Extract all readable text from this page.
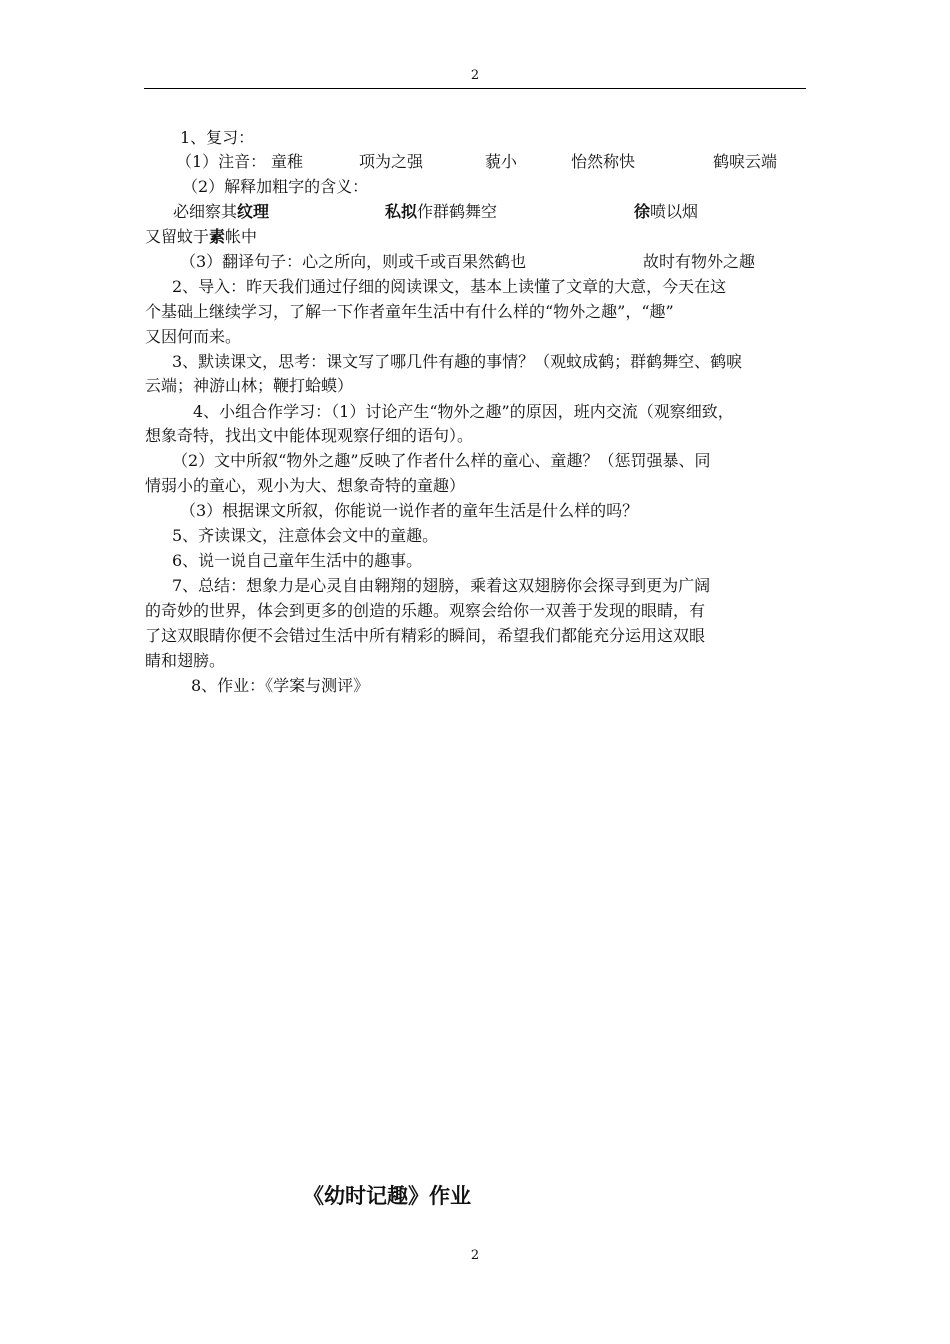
2
1、复习：
（1）注音： 童稚	项为之强	藐小	怡然称快	鹤唳云端
（2）解释加粗字的含义：
必细察其纹理	私拟作群鹤舞空	徐喷以烟
又留蚊于素帐中
（3）翻译句子：心之所向，则或千或百果然鹤也	故时有物外之趣
2、导入：昨天我们通过仔细的阅读课文，基本上读懂了文章的大意，今天在这
个基础上继续学习，了解一下作者童年生活中有什么样的“物外之趣”，“趣”
又因何而来。
3、默读课文，思考：课文写了哪几件有趣的事情？（观蚊成鹤；群鹤舞空、鹤唳
云端；神游山林；鞭打蛤蟆）
4、小组合作学习：（1）讨论产生“物外之趣”的原因，班内交流（观察细致，
想象奇特，找出文中能体现观察仔细的语句）。
（2）文中所叙“物外之趣”反映了作者什么样的童心、童趣？（惩罚强暴、同
情弱小的童心，观小为大、想象奇特的童趣）
（3）根据课文所叙，你能说一说作者的童年生活是什么样的吗？
5、齐读课文，注意体会文中的童趣。
6、说一说自己童年生活中的趣事。
7、总结：想象力是心灵自由翱翔的翅膀，乘着这双翅膀你会探寻到更为广阔
的奇妙的世界，体会到更多的创造的乐趣。观察会给你一双善于发现的眼睛，有
了这双眼睛你便不会错过生活中所有精彩的瞬间，希望我们都能充分运用这双眼
睛和翅膀。
8、作业：《学案与测评》
《幼时记趣》作业
2
